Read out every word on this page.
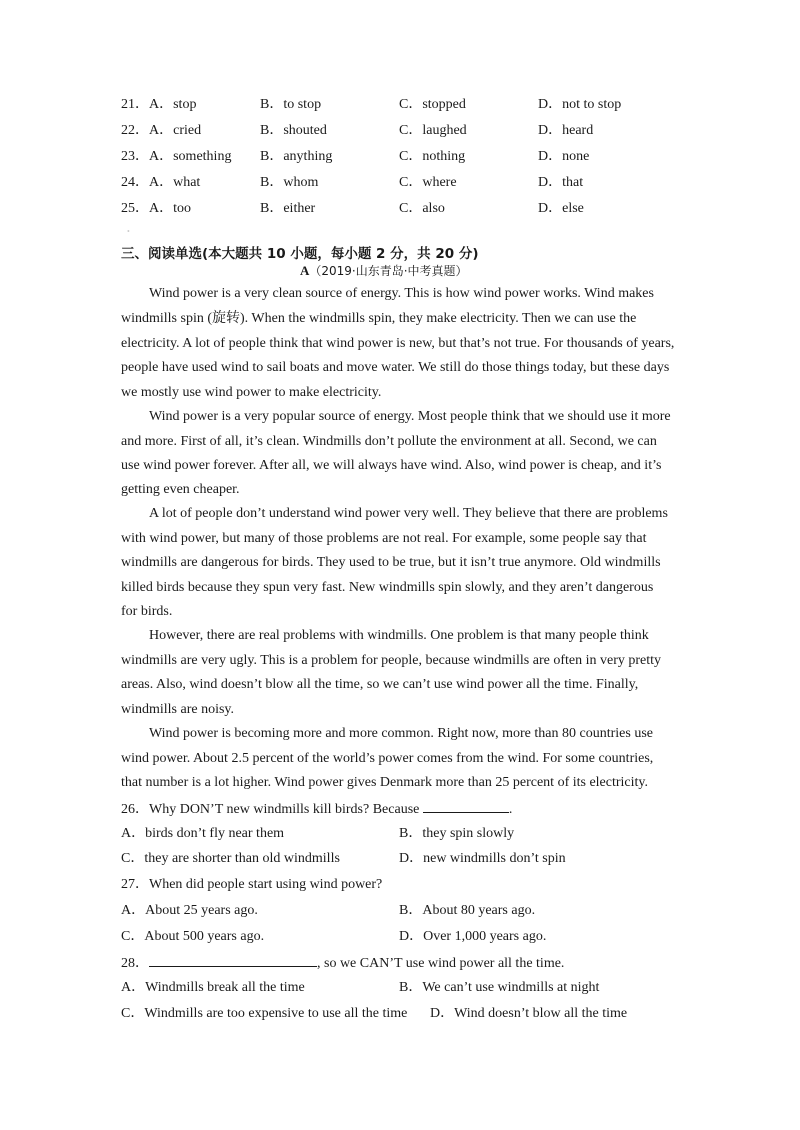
21．A．stop	B．to stop	C．stopped	D．not to stop
22．A．cried	B．shouted	C．laughed	D．heard
23．A．something B．anything	C．nothing	D．none
24．A．what	B．whom	C．where	D．that
25．A．too	B．either	C．also	D．else
•
三、阅读单选(本大题共 10 小题，每小题 2 分，共 20 分)
A（2019·山东青岛·中考真题）
Wind power is a very clean source of energy. This is how wind power works. Wind makes
windmills spin (旋转). When the windmills spin, they make electricity. Then we can use the
electricity. A lot of people think that wind power is new, but that’s not true. For thousands of years,
people have used wind to sail boats and move water. We still do those things today, but these days
we mostly use wind power to make electricity.
Wind power is a very popular source of energy. Most people think that we should use it more
and more. First of all, it’s clean. Windmills don’t pollute the environment at all. Second, we can
use wind power forever. After all, we will always have wind. Also, wind power is cheap, and it’s
getting even cheaper.
A lot of people don’t understand wind power very well. They believe that there are problems
with wind power, but many of those problems are not real. For example, some people say that
windmills are dangerous for birds. They used to be true, but it isn’t true anymore. Old windmills
killed birds because they spun very fast. New windmills spin slowly, and they aren’t dangerous
for birds.
However, there are real problems with windmills. One problem is that many people think
windmills are very ugly. This is a problem for people, because windmills are often in very pretty
areas. Also, wind doesn’t blow all the time, so we can’t use wind power all the time. Finally,
windmills are noisy.
Wind power is becoming more and more common. Right now, more than 80 countries use
wind power. About 2.5 percent of the world’s power comes from the wind. For some countries,
that number is a lot higher. Wind power gives Denmark more than 25 percent of its electricity.
26．Why DON’T new windmills kill birds? Because	.
A．birds don’t fly near them	B．they spin slowly
C．they are shorter than old windmills	D．new windmills don’t spin
27．When did people start using wind power?
A．About 25 years ago.	B．About 80 years ago.
C．About 500 years ago.	D．Over 1,000 years ago.
28．	, so we CAN’T use wind power all the time.
A．Windmills break all the time	B．We can’t use windmills at night
C．Windmills are too expensive to use all the time D．Wind doesn’t blow all the time
